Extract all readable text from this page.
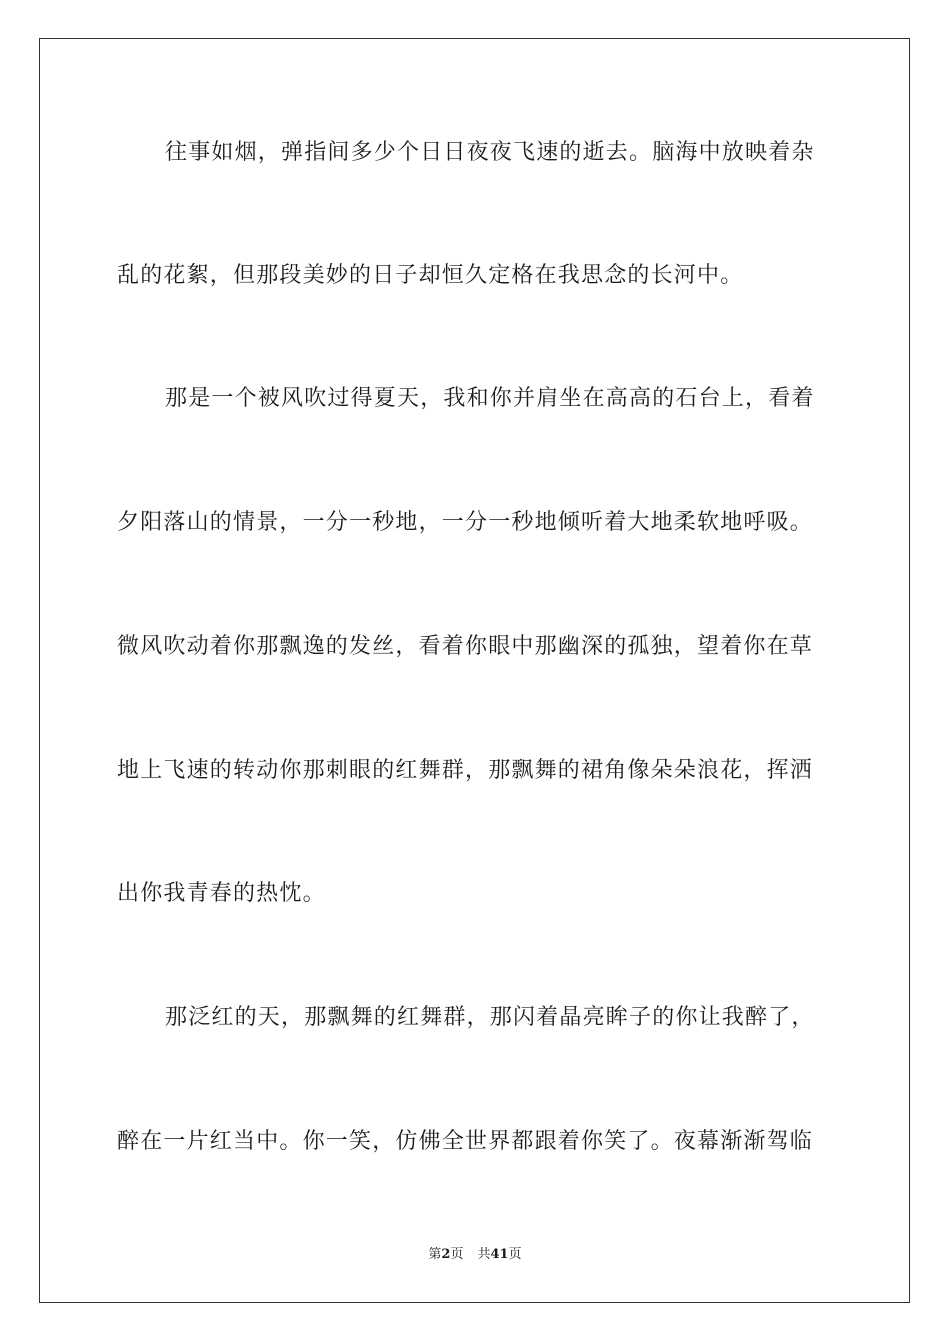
往事如烟，弹指间多少个日日夜夜飞速的逝去。脑海中放映着杂
乱的花絮，但那段美妙的日子却恒久定格在我思念的长河中。
那是一个被风吹过得夏天，我和你并肩坐在高高的石台上，看着
夕阳落山的情景，一分一秒地，一分一秒地倾听着大地柔软地呼吸。
微风吹动着你那飘逸的发丝，看着你眼中那幽深的孤独，望着你在草
地上飞速的转动你那刺眼的红舞群，那飘舞的裙角像朵朵浪花，挥洒
出你我青春的热忱。
那泛红的天，那飘舞的红舞群，那闪着晶亮眸子的你让我醉了，
醉在一片红当中。你一笑，仿佛全世界都跟着你笑了。夜幕渐渐驾临
第2页 共41页
